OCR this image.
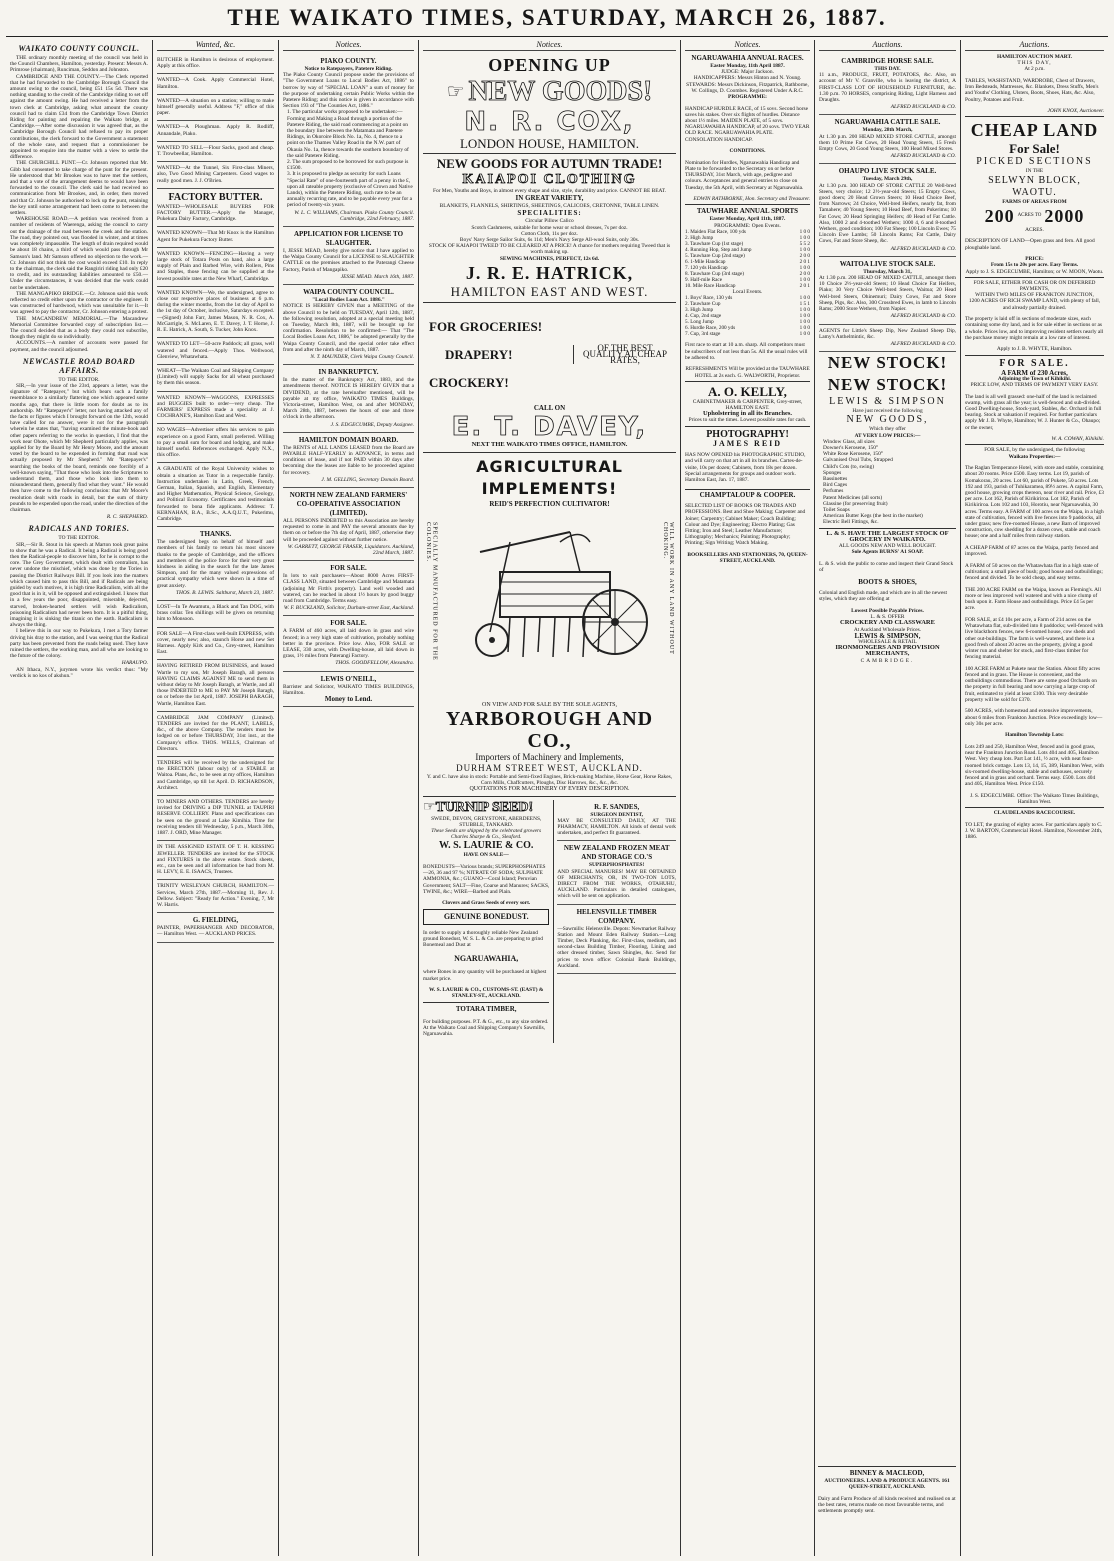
THE WAIKATO TIMES, SATURDAY, MARCH 26, 1887.
WAIKATO COUNTY COUNCIL.

THE ordinary monthly meeting of the council was held in the Council Chambers, Hamilton, yesterday. Present: Messrs A. Primrose (chairman), Runciman, Seddon and Johnston.

CAMBRIDGE AND THE COUNTY.—The Clerk reported that he had forwarded to the Cambridge Borough Council the amount owing to the council, being £51 15s 5d. There was nothing standing to the credit of the Cambridge riding to set off against the amount owing. He had received a letter from the town clerk at Cambridge, asking what amount the county council had to claim £34 from the Cambridge Town District Riding for painting and repairing the Waikato bridge, at Cambridge.—After some discussion it was agreed that, as the Cambridge Borough Council had refused to pay its proper contributions, the clerk forward to the Government a statement of the whole case, and request that a commissioner be appointed to enquire into the matter with a view to settle the difference.

THE CHURCHILL PUNT.—Cr. Johnson reported that Mr. Gibb had consented to take charge of the punt for the present. He understood that Mr Brookes was to have met the settlers, and that a vote of the arrangement deems to would have been forwarded to the council. The clerk said he had received no communication from Mr Brookes, and, in order, then moved and that Cr. Johnson be authorised to lock up the punt, retaining the key until some arrangement had been come to between the settlers.

WAREHOUSE ROAD.—A petition was received from a number of residents of Waerenga, asking the council to carry out the drainage of the road between the creek and the station. The road, they pointed out, was flooded in winter, and at times was completely impassable. The length of drain required would be about 18 chains, a third of which would pass through Mr Samson's land. Mr Samson offered no objection to the work.—Cr. Johnson did not think the cost would exceed £10. In reply to the chairman, the clerk said the Rangiriri riding had only £20 to credit, and its outstanding liabilities amounted to £50.—Under the circumstances, it was decided that the work could not be undertaken.

THE MANGAPIKO BRIDGE.—Cr. Johnson said this work reflected no credit either upon the contractor or the engineer. It was constructed of hardwood, which was unsuitable for it.—It was agreed to pay the contractor, Cr. Johnson entering a protest.

THE MACANDREW MEMORIAL.—The Macandrew Memorial Committee forwarded copy of subscription list.—The council decided that as a body they could not subscribe, though they might do so individually.

ACCOUNTS.—A number of accounts were passed for payment, and the council adjourned.

NEWCASTLE ROAD BOARD AFFAIRS.

TO THE EDITOR.

SIR,—In your issue of the 23rd, appears a letter, was the signature of "Ratepayer," but which bears such a family resemblance to a similarly flattering one which appeared some months ago, that there is little room for doubt as to its authorship. Mr "Ratepayer's" letter, not having attacked any of the facts or figures which I brought forward on the 12th, would have called for no answer, were it not for the paragraph wherein he states that, "having examined the minute-book and other papers referring to the works in question, I find that the work near Ohote, which Mr Shepherd particularly applies, was applied for by the Board by Mr Henry Moore, and the amount voted by the board to be expended in forming that road was actually proposed by Mr Shepherd." Mr "Ratepayer's" searching the books of the board, reminds one forcibly of a well-known saying, "That those who look into the Scriptures to understand them, and those who look into them to misunderstand them, generally find what they want." He would then have come to the following conclusion: that Mr Moore's resolution dealt with roads in detail, but the sum of thirty pounds to be expended upon the road, under the direction of the chairman.

R. C. SHEPHERD.

RADICALS AND TORIES.

TO THE EDITOR.

SIR,—Sir R. Stout in his speech at Marton took great pains to show that he was a Radical. It being a Radical is being good then the Radical-people to discover him, for he is corrupt to the core. The Grey Government, which dealt with centralism, has never undone the mischief, which was done by the Tories in passing the District Railways Bill. If you look into the matters which caused him to pass this Bill, and if Radicals are being guided by such motives, it is high time Radicalism, with all the good that is in it, will be opposed and extinguished. I know that in a few years the poor, disappointed, miserable, dejected, starved, broken-hearted settlers will wish Radicalism, poisoning Radicalism had never been born. It is a pitiful thing, imagining it is sinking the titanic on the earth. Radicalism is always the thing.

I believe this in our way to Pukekura, I met a Tory farmer driving his dray to the station, and I was seeing that the Radical party has been prevented from the roads being used. They have ruined the settlers, the working man, and all who are looking to the future of the colony.

HARAUPO.

AN Ithaca, N.Y., jurymen wrote his verdict thus: "My verdick is no kos of akshun."

Wanted, &c.

BUTCHER in Hamilton is desirous of employment. Apply at this office.

WANTED—A Cook. Apply Commercial Hotel, Hamilton.

WANTED—A situation on a station; willing to make himself generally useful. Address "F," office of this paper.

WANTED—A Ploughman. Apply R. Rodliff, Annandale, Piako.

WANTED TO SELL—Flour Sacks, good and cheap. T. Trowbeellar, Hamilton.

WANTED—At the Tunnel, Six First-class Miners, also, Two Good Mining Carpenters. Good wages to really good men. J. J. O'Brien.

FACTORY BUTTER.

WANTED—WHOLESALE BUYERS FOR FACTORY BUTTER.—Apply the Manager, Pukekura Dairy Factory, Cambridge.

WANTED KNOWN—That Mr Knox is the Hamilton Agent for Pukekura Factory Butter.

WANTED KNOWN—FENCING—Having a very large stock of Totara Posts on hand, also a large supply of Plain and Barbed Wire, with Rollers, Pins and Staples, those fencing can be supplied at the lowest possible rates at the New Wharf, Cambridge.

WANTED KNOWN—We, the undersigned, agree to close our respective places of business at 6 p.m. during the winter months, from the 1st day of April to the 1st day of October, inclusive, Saturdays excepted.—(Signed) John Farr, James Mason, N. R. Cox, A. McGarrigle, S. McLaren, E. T. Davey, J. T. Horne, J. R. E. Hatrick, A. South, S. Tucker, John Knox.

WANTED TO LET—50-acre Paddock; all grass, well watered and fenced.—Apply Thos. Wellwood, Glenview, Whatawhata.

WHEAT—The Waikato Coal and Shipping Company (Limited) will supply Sacks for all wheat purchased by them this season.

WANTED KNOWN—WAGGONS, EXPRESSES and BUGGIES built to order—very cheap. The FARMERS' EXPRESS made a speciality at J. COCHRANE'S, Hamilton East and West.

NO WAGES—Advertiser offers his services to gain experience on a good Farm, small preferred. Willing to pay a small sum for board and lodging, and make himself useful. References exchanged. Apply N.X., this office.

A GRADUATE of the Royal University wishes to obtain a situation as Tutor in a respectable family. Instruction undertaken in Latin, Greek, French, German, Italian, Spanish, and English, Elementary and Higher Mathematics, Physical Science, Geology, and Political Economy. Certificates and testimonials forwarded to bona fide applicants. Address: T. KERNAHAN, B.A., B.Sc., A.A.Q.U.T., Pukerimu, Cambridge.

THANKS.

The undersigned begs on behalf of himself and members of his family to return his most sincere thanks to the people of Cambridge, and the officers and members of the police force for their very great kindness in aiding in the search for the late James Simpson, and for the many valued expressions of practical sympathy which were shown in a time of great anxiety.

THOS. B. LEWIS. Saltburst, March 23, 1887.

LOST—In Te Awamutu, a Black and Tan DOG, with brass collar. Ten shillings will be given on returning him to Monsoon.

FOR SALE—A First-class well-built EXPRESS, with cover, nearly new; also, staunch Horse and new Set Harness. Apply Kirk and Co., Grey-street, Hamilton East.

HAVING RETIRED FROM BUSINESS, and leased Wartle to my son, Mr Joseph Baragh, all persons HAVING CLAIMS AGAINST ME to send them in without delay to Mr Joseph Baragh, at Wartle, and all those INDEBTED to ME to PAY Mr Joseph Baragh, on or before the 1st April, 1887. JOSEPH BARAGH, Wartle, Hamilton East.

CAMBRIDGE JAM COMPANY (Limited). TENDERS are invited for the PLANT, LABELS, &c., of the above Company. The tenders must be lodged on or before THURSDAY, 31st inst., at the Company's office. THOS. WELLS, Chairman of Directors.

TENDERS will be received by the undersigned for the ERECTION (labour only) of a STABLE at Waitoa. Plans, &c., to be seen at my offices, Hamilton and Cambridge, up till 1st April. D. RICHARDSON, Architect.

TO MINERS AND OTHERS. TENDERS are hereby invited for DRIVING a DIP TUNNEL at TAUPIRI RESERVE COLLIERY. Plans and specifications can be seen on the ground at Lake Kimihia. Time for receiving tenders till Wednesday, 5 p.m., March 30th, 1887. J. ORD, Mine Manager.

IN THE ASSIGNED ESTATE OF T. H. KESSING JEWELLER. TENDERS are invited for the STOCK and FIXTURES in the above estate. Stock sheets, etc., can be seen and all information be had from M. H. LEVY, E. E. ISAACS, Trustees.

TRINITY WESLEYAN CHURCH, HAMILTON.—Services, March 27th, 1887.—Morning 11, Rev. J. Dellow. Subject: "Ready for Action." Evening, 7, Mr W. Harris.

G. FIELDING,

PAINTER, PAPERHANGER AND DECORATOR, — Hamilton West. — AUCKLAND PRICES.

Notices.

PIAKO COUNTY.

Notice to Ratepayers, Patetere Riding.

The Piako County Council propose under the provisions of "The Government Loans to Local Bodies Act, 1886" to borrow by way of "SPECIAL LOAN" a sum of money for the purpose of undertaking certain Public Works within the Patetere Riding; and this notice is given in accordance with Section 193 of "The Counties Act, 1886."

1. The particular works proposed to be undertaken:—Forming and Making a Road through a portion of the Patetere Riding, the said road commencing at a point on the boundary line between the Matamata and Patetere Ridings, in Okoroire Block No. 1a, No. 4, thence to a point on the Thames Valley Road in the N.W. part of Okauia No. 1a, thence towards the southern boundary of the said Patetere Riding.
2. The sum proposed to be borrowed for such purpose is £1500.
3. It is proposed to pledge as security for such Loans "Special Rate" of one-fourteenth part of a penny in the £, upon all rateable property (exclusive of Crown and Native Lands), within the Patetere Riding, such rate to be an annually recurring rate, and to be payable every year for a period of twenty-six years.

W. L. C. WILLIAMS, Chairman. Piako County Council. Cambridge, 22nd February, 1887.

APPLICATION FOR LICENSE TO SLAUGHTER.

I, JESSE MEAD, hereby give notice that I have applied to the Waipa County Council for a LICENSE to SLAUGHTER CATTLE on the premises attached to the Paterangi Cheese Factory, Parish of Mangapiko.

JESSE MEAD. March 16th, 1887.

WAIPA COUNTY COUNCIL.

"Local Bodies Loan Act. 1886."

NOTICE IS HEREBY GIVEN that a MEETING of the above Council to be held on TUESDAY, April 12th, 1887, the following resolution, adopted at a special meeting held on Tuesday, March 8th, 1887, will be brought up for confirmation. Resolution to be confirmed:— That "The Local Bodies Loans Act, 1886," be adopted generally by the Waipa County Council, and the special order take effect from and after the ninth day of March, 1887.

N. T. MAUNDER, Clerk Waipa County Council.

IN BANKRUPTCY.

In the matter of the Bankruptcy Act, 1883, and the amendments thereof. NOTICE IS HEREBY GIVEN that a DIVIDEND, at the rate hereinafter mentioned, will be payable at my office, WAIKATO TIMES Buildings, Victoria-street, Hamilton West, on and after MONDAY, March 28th, 1887, between the hours of one and three o'clock in the afternoon.

J. S. EDGECUMBE, Deputy Assignee.

HAMILTON DOMAIN BOARD.

The RENTS of ALL LANDS LEASED from the Board are PAYABLE HALF-YEARLY in ADVANCE, in terms and conditions of lease, and if not PAID within 30 days after becoming due the leases are liable to be proceeded against for recovery.

J. M. GELLING, Secretary Domain Board.

NORTH NEW ZEALAND FARMERS' CO-OPERATIVE ASSOCIATION (LIMITED).

ALL PERSONS INDEBTED to this Association are hereby requested to come in and PAY the several amounts due by them on or before the 7th day of April, 1887, otherwise they will be proceeded against without further notice.

W. GARRETT, GEORGE FRASER, Liquidators. Auckland, 22nd March, 1887.

FOR SALE.

In lots to suit purchasers—About 8000 Acres FIRST-CLASS LAND, situated between Cambridge and Matamata (adjoining Mr Firth's property). Land well wooded and watered, can be reached in about 1½ hours by good buggy road from Cambridge. Terms easy.

W. F. BUCKLAND, Solicitor, Durham-street East, Auckland.

FOR SALE.

A FARM of 460 acres, all laid down in grass and wire fenced; in a very high state of cultivation, probably nothing better in the province. Price low. Also, FOR SALE or LEASE, 330 acres, with Dwelling-house, all laid down in grass, 1½ miles from Paterangi Factory.

THOS. GOODFELLOW, Alexandra.

LEWIS O'NEILL,

Barrister and Solicitor, WAIKATO TIMES BUILDINGS, Hamilton.

Money to Lend.

Notices.

OPENING UP

☞ NEW GOODS!

N. R. COX,

LONDON HOUSE, HAMILTON.

NEW GOODS FOR AUTUMN TRADE!

KAIAPOI CLOTHING

For Men, Youths and Boys, in almost every shape and size, style, durability and price. CANNOT BE BEAT.

IN GREAT VARIETY,

BLANKETS, FLANNELS, SHIRTINGS, SHEETINGS, CALICOES, CRETONNE, TABLE LINEN.

SPECIALITIES:

Circular Pillow Calico

Scotch Cashmeres, suitable for home wear or school dresses, 7s per doz.

Cotton Cloth, 11s per doz.

Boys' Navy Serge Sailor Suits, 6s 11d; Men's Navy Serge All-wool Suits, only 30s.

STOCK OF KAIAPOI TWEED TO BE CLEARED AT A PRICE! A chance for mothers requiring Tweed that is worth making up.

SEWING MACHINES, PERFECT, 12s 6d.

J. R. E. HATRICK,

HAMILTON EAST AND WEST.

FOR GROCERIES!

DRAPERY!

CROCKERY!

OF THE BEST QUALITY AT CHEAP RATES,

CALL ON

E. T. DAVEY,

NEXT THE WAIKATO TIMES OFFICE, HAMILTON.

AGRICULTURAL IMPLEMENTS!

REID'S PERFECTION CULTIVATOR!

SPECIALLY MANUFACTURED FOR THE COLONIES.	WILL WORK IN ANY LAND WITHOUT CHOKING.

ON VIEW AND FOR SALE BY THE SOLE AGENTS,

YARBOROUGH AND CO.,

Importers of Machinery and Implements,

DURHAM STREET WEST, AUCKLAND.

Y. and C. have also in stock: Portable and Semi-fixed Engines, Brick-making Machine, Horse Gear, Horse Rakes, Corn Mills, Chaffcutters, Ploughs, Disc Harrows, &c., &c., &c.

QUOTATIONS FOR MACHINERY OF EVERY DESCRIPTION.

☞ TURNIP SEED!

SWEDE, DEVON, GREYSTONE, ABERDEENS, STUBBLE, TANKARD.

These Seeds are shipped by the celebrated growers Charles Sharpe & Co., Sleaford.

W. S. LAURIE & CO.

HAVE ON SALE—

BONEDUSTS—Various brands; SUPERPHOSPHATES—26, 36 and 97 %; NITRATE OF SODA; SULPHATE AMMONIA, &c.; GUANO—Coral Island; Peruvian Government; SALT—Fine, Coarse and Manures; SACKS, TWINE, &c.; WIRE—Barbed and Plain.

Clovers and Grass Seeds of every sort.

GENUINE BONEDUST.

In order to supply a thoroughly reliable New Zealand ground Bonedust, W. S. L. & Co. are preparing to grind Bonemeal and Dust at

NGARUAWAHIA,

where Bones in any quantity will be purchased at highest market price.

W. S. LAURIE & CO., CUSTOMS-ST. (EAST) & STANLEY-ST., AUCKLAND.

TOTARA TIMBER,

For building purposes. P.T. & G., etc., to any size ordered. At the Waikato Coal and Shipping Company's Sawmills, Ngaruawahia.

R. F. SANDES,

SURGEON DENTIST,

MAY BE CONSULTED DAILY, AT THE PHARMACY, HAMILTON. All kinds of dental work undertaken, and perfect fit guaranteed.

NEW ZEALAND FROZEN MEAT AND STORAGE CO.'S

SUPERPHOSPHATES!

AND SPECIAL MANURES! MAY BE OBTAINED OF MERCHANTS; OR, IN TWO-TON LOTS, DIRECT FROM THE WORKS, OTAHUHU, AUCKLAND. Particulars in detailed catalogues, which will be sent on application.

HELENSVILLE TIMBER COMPANY.

—Sawmills: Helensville. Depots: Newmarket Railway Station and Mount Eden Railway Station.—Long Timber, Deck Planking, &c. First-class, medium, and second-class Building Timber, Flooring, Lining and other dressed timber, Sawn Shingles, &c. Send for prices to town office: Colonial Bank Buildings, Auckland.

Notices.

NGARUAWAHIA ANNUAL RACES.

Easter Monday, 11th April 1887.

JUDGE: Major Jackson.

HANDICAPPERS: Messrs Hinton and N. Young.

STEWARDS: Messrs Dickinson, Fitzpatrick, Rathborne, W. Collings, D. Coombes. Registered Under A.R.C.

PROGRAMME:

HANDICAP HURDLE RACE, of 15 sovs. Second horse saves his stakes. Over six flights of hurdles. Distance about 1½ miles. MAIDEN PLATE, of 5 sovs. NGARUAWAHIA HANDICAP, of 20 sovs. TWO YEAR OLD RACE. NGARUAWAHIA PLATE. CONSOLATION HANDICAP.

CONDITIONS.

Nomination for Hurdles, Ngaruawahia Handicap and Plate to be forwarded to the Secretary on or before THURSDAY, 31st March, with age, pedigree and colours. Acceptances and general entries to close on Tuesday, the 5th April, with Secretary at Ngaruawahia.

EDWIN RATHBORNE, Hon. Secretary and Treasurer.

TAUWHARE ANNUAL SPORTS

Easter Monday, April 11th, 1887.

PROGRAMME: Open Events.

1. Maiden Flat Race, 100 yds	1 0 0
2. High Jump	1 0 0
3. Tauwhare Cup (1st stage)	5 5 2
4. Running Hop, Step and Jump	1 0 0
5. Tauwhare Cup (2nd stage)	2 0 0
6. 1-Mile Handicap	2 0 1
7. 120 yds Handicap	1 0 0
8. Tauwhare Cup (3rd stage)	2 0 0
9. Half-mile Race	1 0 0
10. Mile Race Handicap	2 0 1

Local Events.

1. Boys' Race, 130 yds	1 0 0
2. Tauwhare Cup	1 5 1
3. High Jump	1 0 0
4. Cup, 2nd stage	1 0 0
5. Long Jump	1 0 0
6. Hurdle Race, 200 yds	1 0 0
7. Cup, 3rd stage	1 0 0

First race to start at 10 a.m. sharp. All competitors must be subscribers of not less than 5s. All the usual rules will be adhered to.

REFRESHMENTS Will be provided at the TAUWHARE HOTEL at 2s each. G. WALWORTH, Proprietor.

A. O. KELLY,

CABINETMAKER & CARPENTER, Grey-street, HAMILTON EAST.

Upholstering in all its Branches.

Prices to suit the times. Lowest possible rates for cash.

PHOTOGRAPHY!

JAMES REID

HAS NOW OPENED his PHOTOGRAPHIC STUDIO, and will carry on that art in all its branches. Cartes-de-visite, 10s per dozen; Cabinets, from 18s per dozen. Special arrangements for groups and outdoor work. Hamilton East, Jan. 17, 1887.

CHAMPTALOUP & COOPER.

SELECTED LIST OF BOOKS OR TRADES AND PROFESSIONS. Best and Shoe Making; Carpenter and Joiner; Carpentry; Cabinet Maker; Coach Building; Colour and Dye; Engineering; Electro Plating; Gas Fitting; Iron and Steel; Leather Manufacture; Lithography; Mechanics; Painting; Photography; Printing; Sign Writing; Watch Making.

BOOKSELLERS AND STATIONERS, 70, QUEEN-STREET, AUCKLAND.

Auctions.

CAMBRIDGE HORSE SALE.

THIS DAY.

11 a.m., PRODUCE, FRUIT, POTATOES, &c. Also, on account of Mr V. Granville, who is leaving the district, A FIRST-CLASS LOT OF HOUSEHOLD FURNITURE, &c. 1.30 p.m. 70 HORSES, comprising Riding, Light Harness and Draughts.

ALFRED BUCKLAND & CO.

NGARUAWAHIA CATTLE SALE.

Monday, 28th March,

At 1.30 p.m. 200 HEAD MIXED STORE CATTLE, amongst them 10 Prime Fat Cows, 20 Head Young Steers, 15 Fresh Empty Cows, 20 Good Young Steers, 100 Head Mixed Stores.

ALFRED BUCKLAND & CO.

OHAUPO LIVE STOCK SALE.

Tuesday, March 29th,

At 1.30 p.m. 300 HEAD OF STORE CATTLE 20 Well-bred Steers, very choice; 12 2½-year-old Steers; 15 Empty Cows, good doers; 20 Head Grown Steers; 10 Head Choice Beef, from Narrows; 24 Choice, Well-bred Heifers, nearly fat, from Tamahere; 40 Young Steers; 10 Head Beef, from Pukerimu; 10 Fat Cows; 20 Head Springing Heifers; 40 Head of Fat Cattle. Also, 1000 2 and 4-toothed Wethers; 1000 4, 6 and 8-toothed Wethers, good condition; 100 Fat Sheep; 100 Lincoln Ewes; 75 Lincoln Ewe Lambs; 50 Lincoln Rams; Fat Cattle, Dairy Cows, Fat and Store Sheep, &c.

ALFRED BUCKLAND & CO.

WAITOA LIVE STOCK SALE.

Thursday, March 31,

At 1.30 p.m. 200 HEAD OF MIXED CATTLE, amongst them 10 Choice 2½-year-old Steers; 10 Head Choice Fat Heifers, Piako; 30 Very Choice Well-bred Steers, Waitoa; 20 Head Well-bred Steers, Ohinemuri; Dairy Cows, Fat and Store Sheep, Pigs, &c. Also, 300 Crossbred Ewes, in lamb to Lincoln Rams; 2000 Store Wethers, from Napier.

ALFRED BUCKLAND & CO.

AGENTS for Little's Sheep Dip, New Zealand Sheep Dip, Lamy's Anthelmintic, &c.

ALFRED BUCKLAND & CO.

NEW STOCK!

NEW STOCK!

LEWIS & SIMPSON

Have just received the following

NEW GOODS,

Which they offer

AT VERY LOW PRICES:—

Window Glass, all sizes
Downer's Kerosene, 150°
White Rose Kerosene, 150°
Galvanised Oval Tubs, Strapped
Child's Cots (to, swing)
Sponges
Bassinettes
Bird Cages
Perfumes
Patent Medicines (all sorts)
Glassine (for preserving fruit)
Toilet Soaps
American Butter Kegs (the best in the market)
Electric Bell Fittings, &c.

L. & S. HAVE THE LARGEST STOCK OF GROCERY IN WAIKATO.

ALL GOODS NEW AND WELL BOUGHT.

Sole Agents BURNS' A1 SOAP.

L. & S. wish the public to come and inspect their Grand Stock of

BOOTS & SHOES,

Colonial and English made, and which are in all the newest styles, which they are offering at

Lowest Possible Payable Prices.

L. & S. OFFER

CROCKERY AND CLASSWARE

At Auckland Wholesale Prices.

LEWIS & SIMPSON,

WHOLESALE & RETAIL

IRONMONGERS AND PROVISION MERCHANTS,

CAMBRIDGE.

Auctions.

HAMILTON AUCTION MART.

THIS DAY,

At 2 p.m.

TABLES, WASHSTAND, WARDROBE, Chest of Drawers, Iron Bedsteads, Mattresses, &c. Blankets, Dress Stuffs, Men's and Youths' Clothing, Ulsters, Boots, Shoes, Hats, &c. Also, Poultry, Potatoes and Fruit.

JOHN KNOX, Auctioneer.

CHEAP LAND

For Sale!

PICKED SECTIONS

IN THE

SELWYN BLOCK, WAOTU.

FARMS OF AREAS FROM

200 ACRES TO 2000

ACRES.

DESCRIPTION OF LAND—Open grass and fern. All good ploughable land.

PRICE:

From 15s to 20s per acre. Easy Terms.

Apply to J. S. EDGECUMBE, Hamilton; or W. MOON, Waotu.

FOR SALE, EITHER FOR CASH OR ON DEFERRED PAYMENTS,

WITHIN TWO MILES OF FRANKTON JUNCTION,

1200 ACRES OF RICH SWAMP LAND, with plenty of fall, and already partially drained.

The property is laid off in sections of moderate sizes, each containing some dry land, and is for sale either in sections or as a whole. Prices low, and to improving resident settlers nearly all the purchase money might remain at a low rate of interest.

Apply to J. B. WHYTE, Hamilton.

FOR SALE.

A FARM of 230 Acres,

Adjoining the Town of Kihikihi.

PRICE LOW, AND TERMS OF PAYMENT VERY EASY.

The land is all well grassed: one-half of the land is reclaimed swamp, with grass all the year; is well-fenced and sub-divided. Good Dwelling-house, Stock-yard, Stables, &c. Orchard in full bearing. Stock at valuation if required. For further particulars apply Mr J. B. Whyte, Hamilton; W. J. Hunter & Co., Ohaupo; or the owner,

W. A. COWAN, Kihikihi.

FOR SALE, by the undersigned, the following

Waikato Properties:—

The Raglan Temperance Hotel, with store and stable, containing about 20 rooms. Price £500. Easy terms. Lot 19, parish of Komakorau, 20 acres. Lot 60, parish of Pukete, 50 acres. Lots 192 and 193, parish of Tuhikaramea, 89½ acres. A capital Farm, good house, growing crops thereon, near river and rail. Price, £3 per acre. Lot 162, Parish of Kirikiriroa. Lot 182, Parish of Kirikiriroa. Lots 102 and 103, Horotiu, near Ngaruawahia, 30 acres. Terms easy. A FARM of 100 acres on the Waipa, in a high state of cultivation, fenced with live fences into 9 paddocks, all under grass; new five-roomed House, a new Barn of improved construction, cow shedding for a dozen cows, stable and coach house; one and a half miles from railway station.

A CHEAP FARM of 87 acres on the Waipa, partly fenced and improved.

A FARM of 50 acres on the Whatawhata flat in a high state of cultivation; a small piece of bush; good house and outbuildings; fenced and divided. To be sold cheap, and easy terms.

THE 200 ACRE FARM on the Waipa, known as Fleming's. All more or less improved well watered and with a nice clump of bush upon it. Farm House and outbuildings. Price £4 5s per acre.

FOR SALE, at £4 10s per acre, a Farm of 214 acres on the Whatawhata flat, sub-divided into 8 paddocks; well-fenced with live blackthorn fences, new 6-roomed house, cow sheds and other out-buildings. The farm is well-watered, and there is a good fresh of about 20 acres on the property, giving a good winter run and shelter for stock, and first-class timber for fencing material.

100 ACRE FARM at Pukete near the Station. About fifty acres fenced and in grass. The House is convenient, and the outbuildings commodious. There are some good Orchards on the property in full bearing and now carrying a large crop of fruit, estimated to yield at least £100. This very desirable property will be sold for £370.

500 ACRES, with homestead and extensive improvements, about 6 miles from Frankton Junction. Price exceedingly low—only 30s per acre.

Hamilton Township Lots:

Lots 249 and 250, Hamilton West, fenced and in good grass, near the Frankton Junction Road. Lots 404 and 405, Hamilton West. Very cheap lots. Part Lot 141, ½ acre, with neat four-roomed brick cottage. Lots 13, 14, 15, 389, Hamilton West, with six-roomed dwelling-house, stable and outhouses, securely fenced and in grass and orchard. Terms easy. £500. Lots 404 and 405, Hamilton West. Price £150.

J. S. EDGECUMBE. Office: The Waikato Times Buildings, Hamilton West.

CLAUDELANDS RACECOURSE.

TO LET, the grazing of eighty acres. For particulars apply to C. J. W. BARTON, Commercial Hotel. Hamilton, November 24th, 1886.

BINNEY & MACLEOD,

AUCTIONEERS. LAND & PRODUCE AGENTS. 161 QUEEN-STREET, AUCKLAND.

Dairy and Farm Produce of all kinds received and realised on at the best rates, returns made on most favourable terms, and settlements promptly sent.
